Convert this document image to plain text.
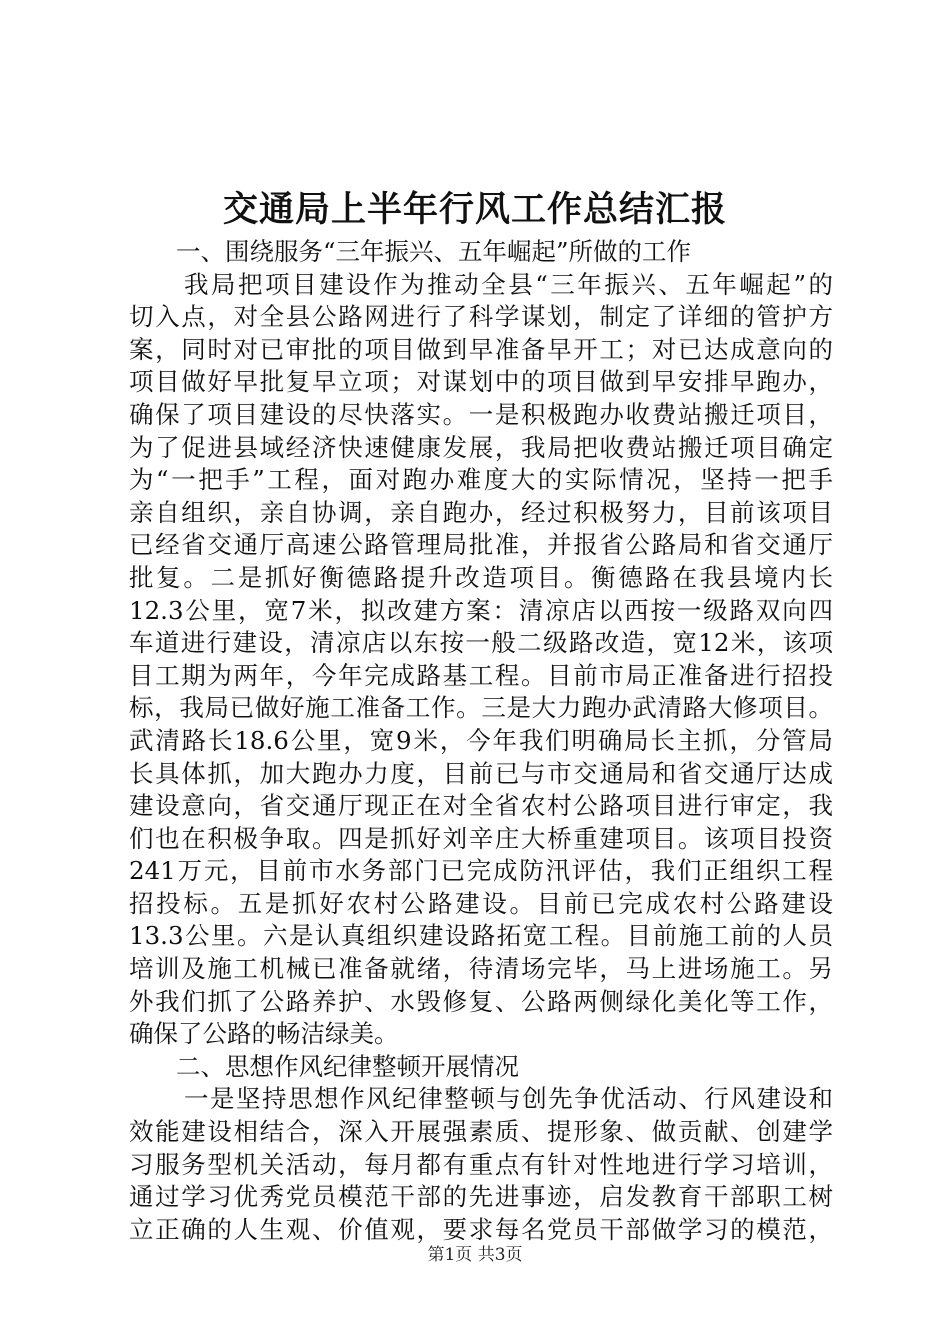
交通局上半年行风工作总结汇报
一、围绕服务“三年振兴、五年崛起”所做的工作
我局把项目建设作为推动全县“三年振兴、五年崛起”的
切入点，对全县公路网进行了科学谋划，制定了详细的管护方
案，同时对已审批的项目做到早准备早开工；对已达成意向的
项目做好早批复早立项；对谋划中的项目做到早安排早跑办，
确保了项目建设的尽快落实。一是积极跑办收费站搬迁项目，
为了促进县域经济快速健康发展，我局把收费站搬迁项目确定
为“一把手”工程，面对跑办难度大的实际情况，坚持一把手
亲自组织，亲自协调，亲自跑办，经过积极努力，目前该项目
已经省交通厅高速公路管理局批准，并报省公路局和省交通厅
批复。二是抓好衡德路提升改造项目。衡德路在我县境内长
12.3公里，宽7米，拟改建方案：清凉店以西按一级路双向四
车道进行建设，清凉店以东按一般二级路改造，宽12米，该项
目工期为两年，今年完成路基工程。目前市局正准备进行招投
标，我局已做好施工准备工作。三是大力跑办武清路大修项目。
武清路长18.6公里，宽9米，今年我们明确局长主抓，分管局
长具体抓，加大跑办力度，目前已与市交通局和省交通厅达成
建设意向，省交通厅现正在对全省农村公路项目进行审定，我
们也在积极争取。四是抓好刘辛庄大桥重建项目。该项目投资
241万元，目前市水务部门已完成防汛评估，我们正组织工程
招投标。五是抓好农村公路建设。目前已完成农村公路建设
13.3公里。六是认真组织建设路拓宽工程。目前施工前的人员
培训及施工机械已准备就绪，待清场完毕，马上进场施工。另
外我们抓了公路养护、水毁修复、公路两侧绿化美化等工作，
确保了公路的畅洁绿美。
二、思想作风纪律整顿开展情况
一是坚持思想作风纪律整顿与创先争优活动、行风建设和
效能建设相结合，深入开展强素质、提形象、做贡献、创建学
习服务型机关活动，每月都有重点有针对性地进行学习培训，
通过学习优秀党员模范干部的先进事迹，启发教育干部职工树
立正确的人生观、价值观，要求每名党员干部做学习的模范，
第1页 共3页
